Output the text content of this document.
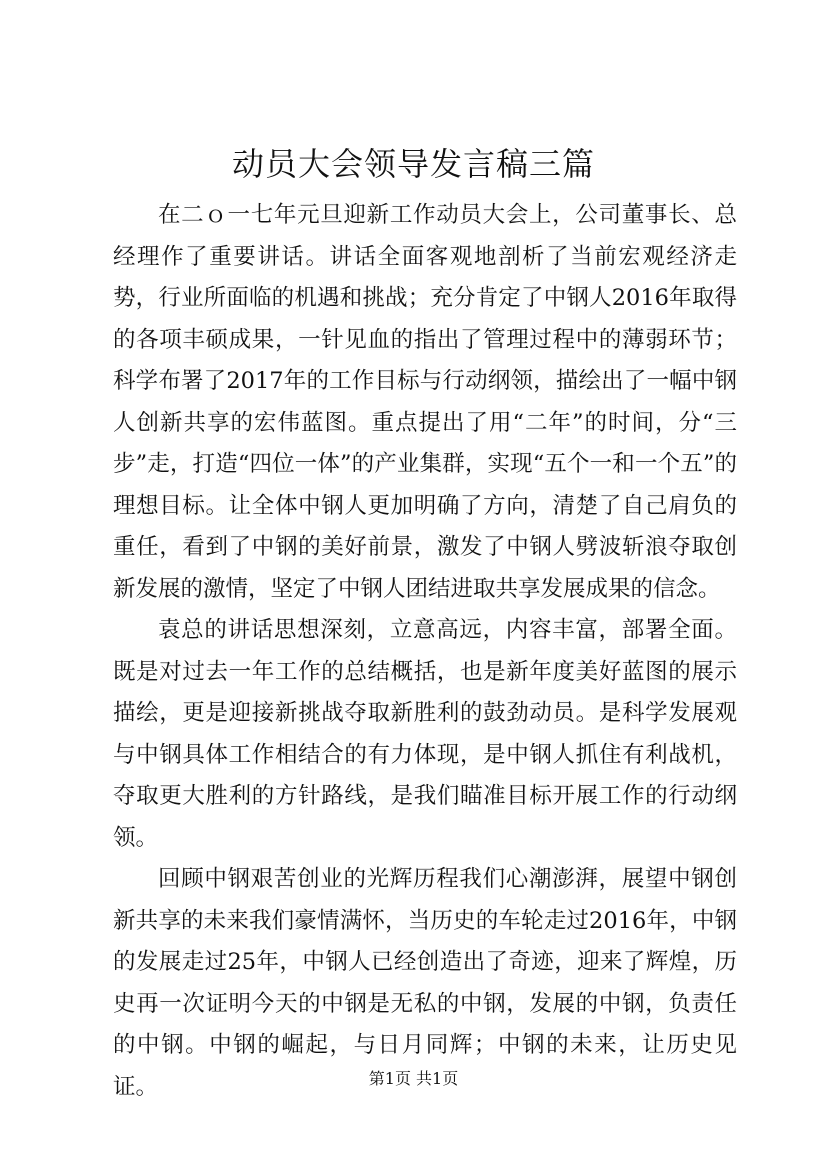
动员大会领导发言稿三篇

在二ｏ一七年元旦迎新工作动员大会上，公司董事长、总经理作了重要讲话。讲话全面客观地剖析了当前宏观经济走势，行业所面临的机遇和挑战；充分肯定了中钢人2016年取得的各项丰硕成果，一针见血的指出了管理过程中的薄弱环节；科学布署了2017年的工作目标与行动纲领，描绘出了一幅中钢人创新共享的宏伟蓝图。重点提出了用“二年”的时间，分“三步”走，打造“四位一体”的产业集群，实现“五个一和一个五”的理想目标。让全体中钢人更加明确了方向，清楚了自己肩负的重任，看到了中钢的美好前景，激发了中钢人劈波斩浪夺取创新发展的激情，坚定了中钢人团结进取共享发展成果的信念。

袁总的讲话思想深刻，立意高远，内容丰富，部署全面。既是对过去一年工作的总结概括，也是新年度美好蓝图的展示描绘，更是迎接新挑战夺取新胜利的鼓劲动员。是科学发展观与中钢具体工作相结合的有力体现，是中钢人抓住有利战机，夺取更大胜利的方针路线，是我们瞄准目标开展工作的行动纲领。

回顾中钢艰苦创业的光辉历程我们心潮澎湃，展望中钢创新共享的未来我们豪情满怀，当历史的车轮走过2016年，中钢的发展走过25年，中钢人已经创造出了奇迹，迎来了辉煌，历史再一次证明今天的中钢是无私的中钢，发展的中钢，负责任的中钢。中钢的崛起，与日月同辉；中钢的未来，让历史见证。	第1页 共1页
